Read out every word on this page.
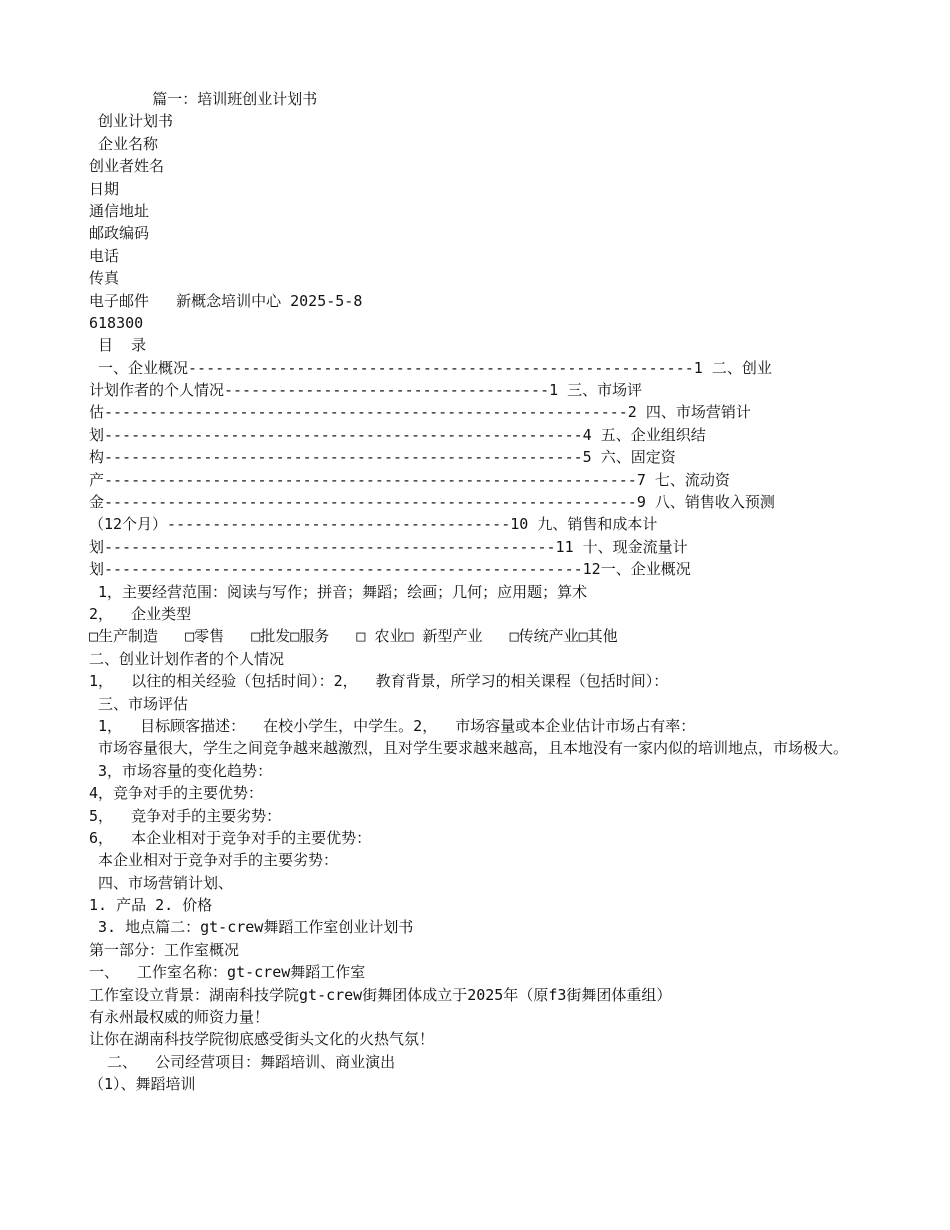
篇一：培训班创业计划书
创业计划书
企业名称
创业者姓名
日期
通信地址
邮政编码
电话
传真
电子邮件   新概念培训中心 2025-5-8
618300
目  录
一、企业概况--------------------------------------------------------1 二、创业
计划作者的个人情况------------------------------------1 三、市场评
估----------------------------------------------------------2 四、市场营销计
划-----------------------------------------------------4 五、企业组织结
构-----------------------------------------------------5 六、固定资
产-----------------------------------------------------------7 七、流动资
金-----------------------------------------------------------9 八、销售收入预测
（12个月）--------------------------------------10 九、销售和成本计
划--------------------------------------------------11 十、现金流量计
划-----------------------------------------------------12一、企业概况
1，主要经营范围：阅读与写作；拼音；舞蹈；绘画；几何；应用题；算术
2，  企业类型
□生产制造   □零售   □批发□服务   □ 农业□ 新型产业   □传统产业□其他
二、创业计划作者的个人情况
1，  以往的相关经验（包括时间）：2，  教育背景，所学习的相关课程（包括时间）：
三、市场评估
1，  目标顾客描述：  在校小学生，中学生。2，  市场容量或本企业估计市场占有率：
市场容量很大，学生之间竞争越来越激烈，且对学生要求越来越高，且本地没有一家内似的培训地点，市场极大。
3，市场容量的变化趋势：
4，竞争对手的主要优势：
5，  竞争对手的主要劣势：
6，  本企业相对于竞争对手的主要优势：
本企业相对于竞争对手的主要劣势：
四、市场营销计划、
1. 产品 2. 价格
3. 地点篇二：gt-crew舞蹈工作室创业计划书
第一部分：工作室概况
一、  工作室名称：gt-crew舞蹈工作室
工作室设立背景：湖南科技学院gt-crew街舞团体成立于2025年（原f3街舞团体重组）
有永州最权威的师资力量！
让你在湖南科技学院彻底感受街头文化的火热气氛！
二、  公司经营项目：舞蹈培训、商业演出
（1）、舞蹈培训
